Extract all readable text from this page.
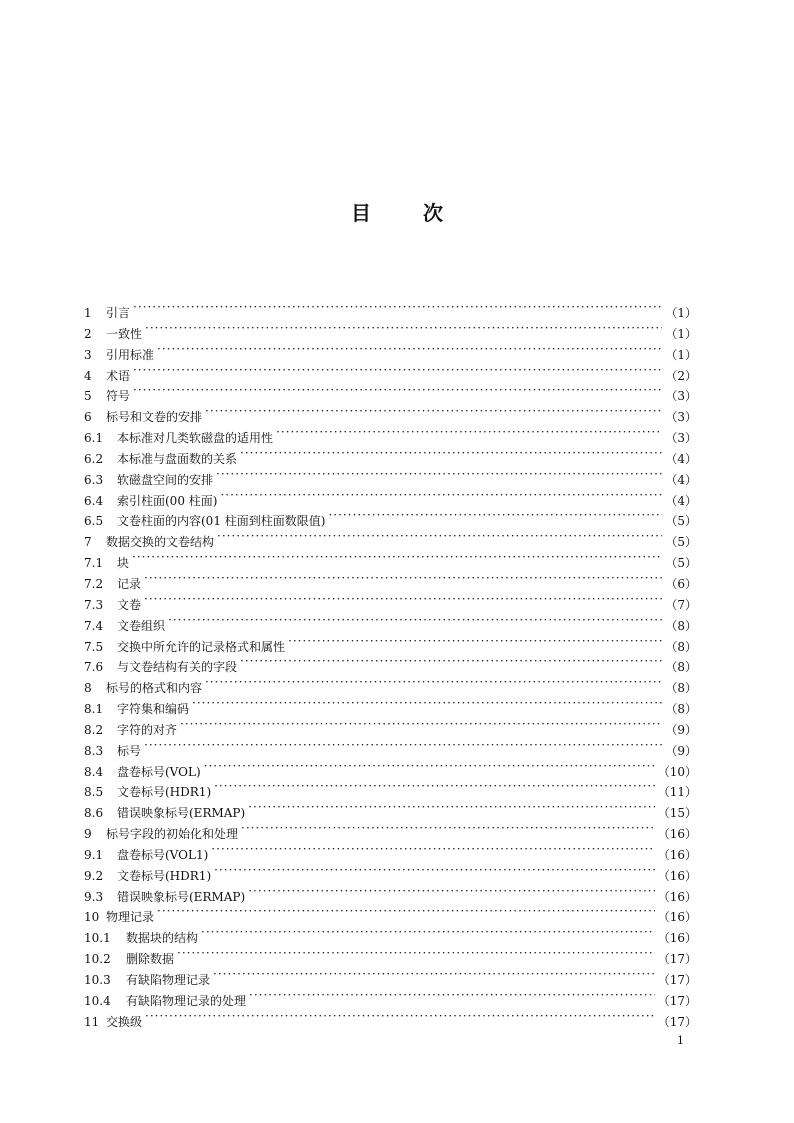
目次
1	引言 ·····	（1）
2	一致性 ·····	（1）
3	引用标准 ·····	（1）
4	术语 ·····	（2）
5	符号 ·····	（3）
6	标号和文卷的安排 ·····	（3）
6.1	本标准对几类软磁盘的适用性 ·····	（3）
6.2	本标准与盘面数的关系 ·····	（4）
6.3	软磁盘空间的安排 ·····	（4）
6.4	索引柱面(00 柱面) ·····	（4）
6.5	文卷柱面的内容(01 柱面到柱面数限值) ·····	（5）
7	数据交换的文卷结构 ·····	（5）
7.1	块 ·····	（5）
7.2	记录 ·····	（6）
7.3	文卷 ·····	（7）
7.4	文卷组织 ·····	（8）
7.5	交换中所允许的记录格式和属性 ·····	（8）
7.6	与文卷结构有关的字段 ·····	（8）
8	标号的格式和内容 ·····	（8）
8.1	字符集和编码 ·····	（8）
8.2	字符的对齐 ·····	（9）
8.3	标号 ·····	（9）
8.4	盘卷标号(VOL) ·····	（10）
8.5	文卷标号(HDR1) ·····	（11）
8.6	错误映象标号(ERMAP) ·····	（15）
9	标号字段的初始化和处理 ·····	（16）
9.1	盘卷标号(VOL1) ·····	（16）
9.2	文卷标号(HDR1) ·····	（16）
9.3	错误映象标号(ERMAP) ·····	（16）
10 物理记录 ·····	（16）
10.1	数据块的结构 ·····	（16）
10.2	删除数据 ·····	（17）
10.3	有缺陷物理记录 ·····	（17）
10.4	有缺陷物理记录的处理 ·····	（17）
11 交换级 ·····	（17）
1
